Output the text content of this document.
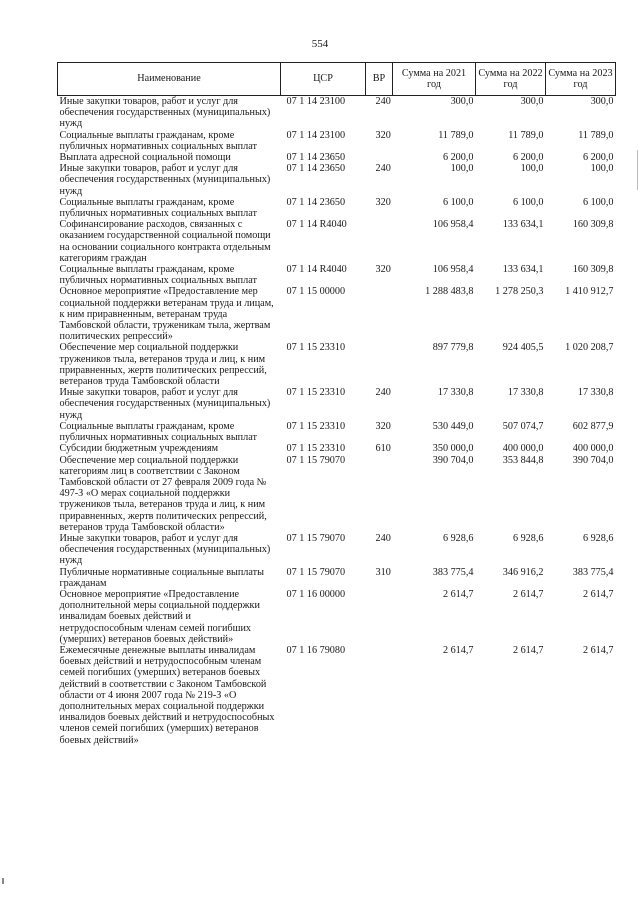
554
Наименование	ЦСР	ВР	Сумма на 2021 год	Сумма на 2022 год	Сумма на 2023 год
Иные закупки товаров, работ и услуг для обеспечения государственных (муниципальных) нужд	07 1 14 23100	240	300,0	300,0	300,0
Социальные выплаты гражданам, кроме публичных нормативных социальных выплат	07 1 14 23100	320	11 789,0	11 789,0	11 789,0
Выплата адресной социальной помощи	07 1 14 23650		6 200,0	6 200,0	6 200,0
Иные закупки товаров, работ и услуг для обеспечения государственных (муниципальных) нужд	07 1 14 23650	240	100,0	100,0	100,0
Социальные выплаты гражданам, кроме публичных нормативных социальных выплат	07 1 14 23650	320	6 100,0	6 100,0	6 100,0
Софинансирование расходов, связанных с оказанием государственной социальной помощи на основании социального контракта отдельным категориям граждан	07 1 14 R4040		106 958,4	133 634,1	160 309,8
Социальные выплаты гражданам, кроме публичных нормативных социальных выплат	07 1 14 R4040	320	106 958,4	133 634,1	160 309,8
Основное мероприятие «Предоставление мер социальной поддержки ветеранам труда и лицам, к ним приравненным, ветеранам труда Тамбовской области, труженикам тыла, жертвам политических репрессий»	07 1 15 00000		1 288 483,8	1 278 250,3	1 410 912,7
Обеспечение мер социальной поддержки тружеников тыла, ветеранов труда и лиц, к ним приравненных, жертв политических репрессий, ветеранов труда Тамбовской области	07 1 15 23310		897 779,8	924 405,5	1 020 208,7
Иные закупки товаров, работ и услуг для обеспечения государственных (муниципальных) нужд	07 1 15 23310	240	17 330,8	17 330,8	17 330,8
Социальные выплаты гражданам, кроме публичных нормативных социальных выплат	07 1 15 23310	320	530 449,0	507 074,7	602 877,9
Субсидии бюджетным учреждениям	07 1 15 23310	610	350 000,0	400 000,0	400 000,0
Обеспечение мер социальной поддержки категориям лиц в соответствии с Законом Тамбовской области от 27 февраля 2009 года № 497-З «О мерах социальной поддержки тружеников тыла, ветеранов труда и лиц, к ним приравненных, жертв политических репрессий, ветеранов труда Тамбовской области»	07 1 15 79070		390 704,0	353 844,8	390 704,0
Иные закупки товаров, работ и услуг для обеспечения государственных (муниципальных) нужд	07 1 15 79070	240	6 928,6	6 928,6	6 928,6
Публичные нормативные социальные выплаты гражданам	07 1 15 79070	310	383 775,4	346 916,2	383 775,4
Основное мероприятие «Предоставление дополнительной меры социальной поддержки инвалидам боевых действий и нетрудоспособным членам семей погибших (умерших) ветеранов боевых действий»	07 1 16 00000		2 614,7	2 614,7	2 614,7
Ежемесячные денежные выплаты инвалидам боевых действий и нетрудоспособным членам семей погибших (умерших) ветеранов боевых действий в соответствии с Законом Тамбовской области от 4 июня 2007 года № 219-З «О дополнительных мерах социальной поддержки инвалидов боевых действий и нетрудоспособных членов семей погибших (умерших) ветеранов боевых действий»	07 1 16 79080		2 614,7	2 614,7	2 614,7
